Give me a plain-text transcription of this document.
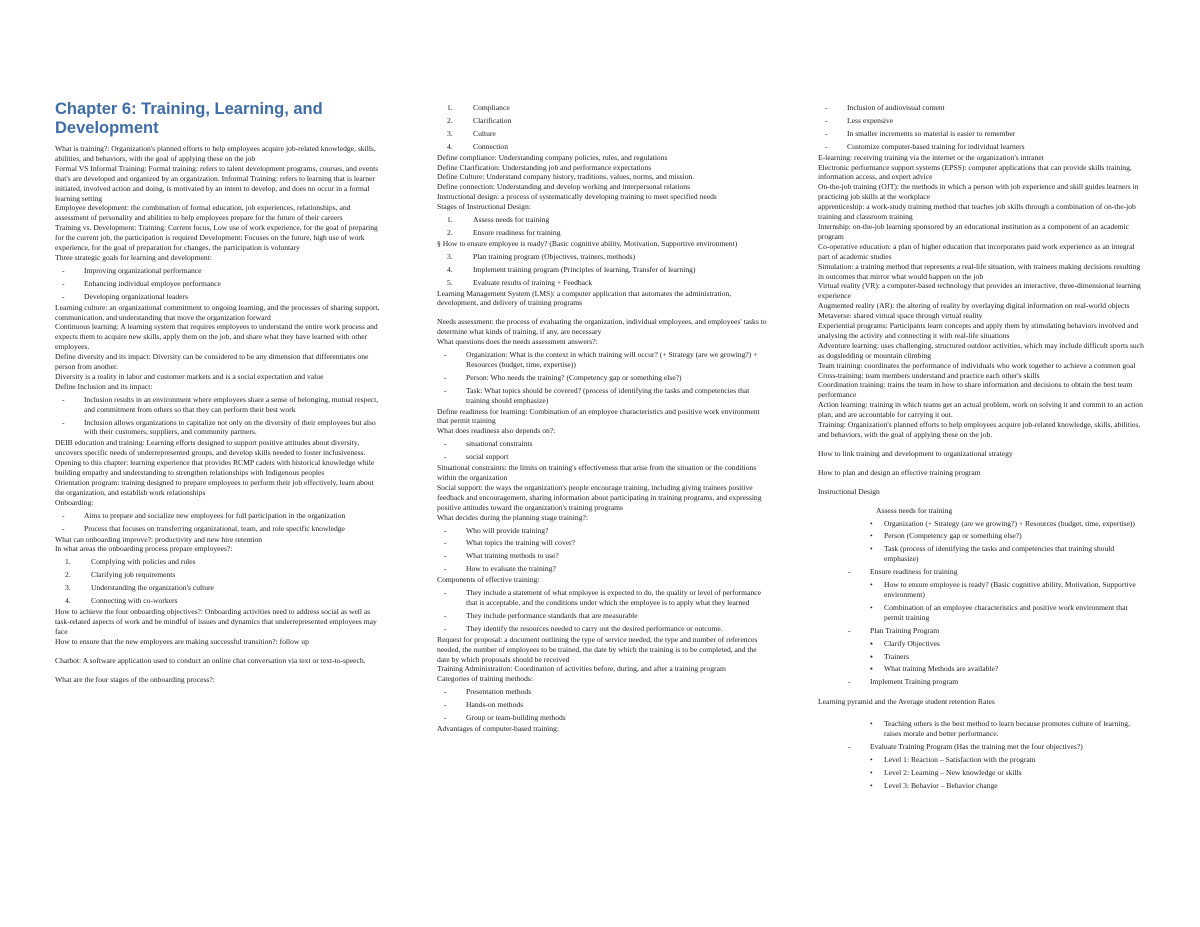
Chapter 6: Training, Learning, and Development

What is training?: Organization's planned efforts to help employees acquire job-related knowledge, skills, abilities, and behaviors, with the goal of applying these on the job

Formal VS Informal Training: Formal training: refers to talent development programs, courses, and events that's are developed and organized by an organization. Informal Training: refers to learning that is learner initiated, involved action and doing, is motivated by an intent to develop, and does no occur in a formal learning setting

Employee development: the combination of formal education, job experiences, relationships, and assessment of personality and abilities to help employees prepare for the future of their careers

Training vs. Development: Training: Current focus, Low use of work experience, for the goal of preparing for the current job, the participation is required Development: Focuses on the future, high use of work experience, for the goal of preparation for changes, the participation is voluntary

Three strategic goals for learning and development:

-	Improving organizational performance
-	Enhancing individual employee performance
-	Developing organizational leaders

Learning culture: an organizational commitment to ongoing learning, and the processes of sharing support, communication, and understanding that move the organization forward

Continuous learning: A learning system that requires employees to understand the entire work process and expects them to acquire new skills, apply them on the job, and share what they have learned with other employees.

Define diversity and its impact: Diversity can be considered to be any dimension that differentiates one person from another.

Diversity is a reality in labor and customer markets and is a social expectation and value

Define Inclusion and its impact:

-	Inclusion results in an environment where employees share a sense of belonging, mutual respect, and commitment from others so that they can perform their best work
-	Inclusion allows organizations to capitalize not only on the diversity of their employees but also with their customers, suppliers, and community partners.

DEIB education and training: Learning efforts designed to support positive attitudes about diversity, uncovers specific needs of underrepresented groups, and develop skills needed to foster inclusiveness.

Opening to this chapter: learning experience that provides RCMP cadets with historical knowledge while building empathy and understanding to strengthen relationships with Indigenous peoples

Orientation program: training designed to prepare employees to perform their job effectively, learn about the organization, and establish work relationships

Onboarding:

-	Aims to prepare and socialize new employees for full participation in the organization
-	Process that focuses on transferring organizational, team, and role specific knowledge

What can onboarding improve?: productivity and new hire retention

In what areas the onboarding process prepare employees?:

1.	Complying with policies and rules
2.	Clarifying job requirements
3.	Understanding the organization's culture
4.	Connecting with co-workers

How to achieve the four onboarding objectives?: Onboarding activities need to address social as well as task-related aspects of work and be mindful of issues and dynamics that underrepresented employees may face

How to ensure that the new employees are making successful transition?: follow up

Chatbot: A software application used to conduct an online chat conversation via text or text-to-speech.

What are the four stages of the onboarding process?:

1.	Compliance
2.	Clarification
3.	Culture
4.	Connection

Define compliance: Understanding company policies, rules, and regulations

Define Clarification: Understanding job and performance expectations

Define Culture: Understand company history, traditions, values, norms, and mission.

Define connection: Understanding and develop working and interpersonal relations

Instructional design: a process of systematically developing training to meet specified needs

Stages of Instructional Design:

1.	Assess needs for training
2.	Ensure readiness for training

§ How to ensure employee is ready? (Basic cognitive ability, Motivation, Supportive environment)

3.	Plan training program (Objectives, trainers, methods)
4.	Implement training program (Principles of learning, Transfer of learning)
5.	Evaluate results of training + Feedback

Learning Management System (LMS): a computer application that automates the administration, development, and delivery of training programs

Needs assessment: the process of evaluating the organization, individual employees, and employees' tasks to determine what kinds of training, if any, are necessary

What questions does the needs assessment answers?:

-	Organization: What is the context in which training will occur? (+ Strategy (are we growing?) + Resources (budget, time, expertise))
-	Person: Who needs the training? (Competency gap or something else?)
-	Task: What topics should be covered? (process of identifying the tasks and competencies that training should emphasize)

Define readiness for learning: Combination of an employee characteristics and positive work environment that permit training

What does readiness also depends on?:

-	situational constraints
-	social support

Situational constraints: the limits on training's effectiveness that arise from the situation or the conditions within the organization

Social support: the ways the organization's people encourage training, including giving trainees positive feedback and encouragement, sharing information about participating in training programs, and expressing positive attitudes toward the organization's training programs

What decides during the planning stage training?:

-	Who will provide training?
-	What topics the training will cover?
-	What training methods to use?
-	How to evaluate the training?

Components of effective training:

-	They include a statement of what employee is expected to do, the quality or level of performance that is acceptable, and the conditions under which the employee is to apply what they learned
-	They include performance standards that are measurable
-	They identify the resources needed to carry out the desired performance or outcome.

Request for proposal: a document outlining the type of service needed, the type and number of references needed, the number of employees to be trained, the date by which the training is to be completed, and the date by which proposals should be received

Training Administration: Coordination of activities before, during, and after a training program

Categories of training methods:

-	Presentation methods
-	Hands-on methods
-	Group or team-building methods

Advantages of computer-based training:

-	Inclusion of audiovisual content
-	Less expensive
-	In smaller increments so material is easier to remember
-	Customize computer-based training for individual learners

E-learning: receiving training via the internet or the organization's intranet

Electronic performance support systems (EPSS): computer applications that can provide skills training, information access, and expert advice

On-the-job training (OJT): the methods in which a person with job experience and skill guides learners in practicing job skills at the workplace

apprenticeship: a work-study training method that teaches job skills through a combination of on-the-job training and classroom training

Internship: on-the-job learning sponsored by an educational institution as a component of an academic program

Co-operative education: a plan of higher education that incorporates paid work experience as an integral part of academic studies

Simulation: a training method that represents a real-life situation, with trainees making decisions resulting in outcomes that mirror what would happen on the job

Virtual reality (VR): a computer-based technology that provides an interactive, three-dimensional learning experience

Augmented reality (AR): the altering of reality by overlaying digital information on real-world objects

Metaverse: shared virtual space through virtual reality

Experiential programs: Participants learn concepts and apply them by stimulating behaviors involved and analysing the activity and connecting it with real-life situations

Adventure learning: uses challenging, structured outdoor activities, which may include difficult sports such as dogsledding or mountain climbing

Team training: coordinates the performance of individuals who work together to achieve a common goal

Cross-training: team members understand and practice each other's skills

Coordination training: trains the team in how to share information and decisions to obtain the best team performance

Action learning: training in which teams get an actual problem, work on solving it and commit to an action plan, and are accountable for carrying it out.

Training: Organization's planned efforts to help employees acquire job-related knowledge, skills, abilities, and behaviors, with the goal of applying these on the job.

How to link training and development to organizational strategy

How to plan and design an effective training program

Instructional Design

Assess needs for training

•	Organization (+ Strategy (are we growing?) + Resources (budget, time, expertise))
•	Person (Competency gap or something else?)
•	Task (process of identifying the tasks and competencies that training should emphasize)
-	Ensure readiness for training
•	How to ensure employee is ready? (Basic cognitive ability, Motivation, Supportive environment)
•	Combination of an employee characteristics and positive work environment that permit training
-	Plan Training Program
▪	Clarify Objectives
▪	Trainers
▪	What training Methods are available?
-	Implement Training program

Learning pyramid and the Average student retention Rates

•	Teaching others is the best method to learn because promotes culture of learning, raises morale and better performance.
-	Evaluate Training Program (Has the training met the four objectives?)
•	Level 1: Reaction – Satisfaction with the program
•	Level 2: Learning – New knowledge or skills
•	Level 3: Behavior – Behavior change
